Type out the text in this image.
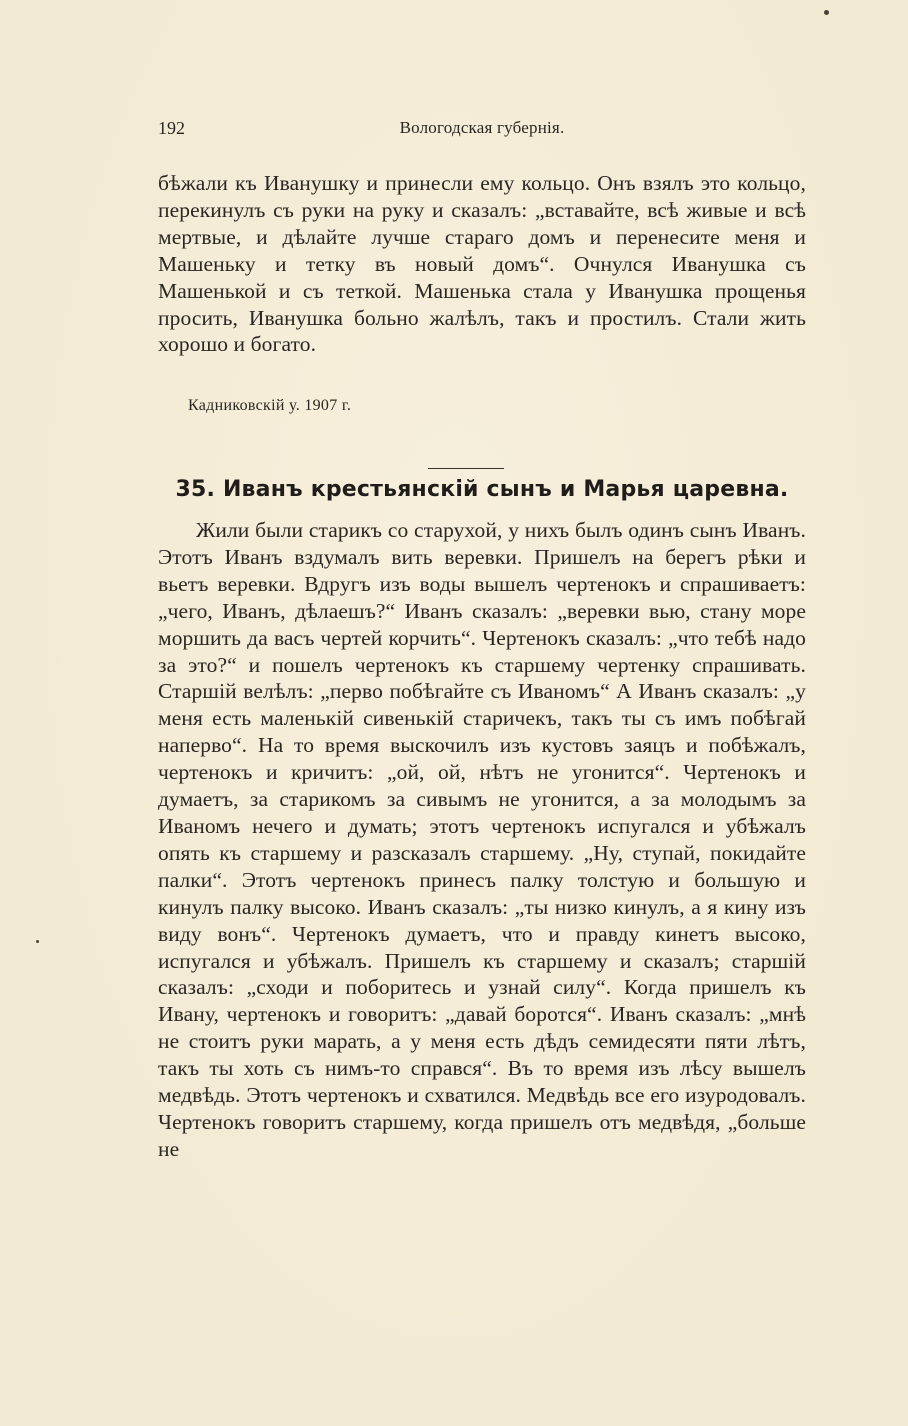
192	Вологодская губернія.

бѣжали къ Иванушку и принесли ему кольцо. Онъ взялъ это кольцо, перекинулъ съ руки на руку и сказалъ: „вставайте, всѣ живые и всѣ мертвые, и дѣлайте лучше стараго домъ и перенесите меня и Машеньку и тетку въ новый домъ“. Очнулся Иванушка съ Машенькой и съ теткой. Машенька стала у Иванушка прощенья просить, Иванушка больно жалѣлъ, такъ и простилъ. Стали жить хорошо и богато.

Кадниковскій у. 1907 г.
35. Иванъ крестьянскій сынъ и Марья царевна.

Жили были старикъ со старухой, у нихъ былъ одинъ сынъ Иванъ. Этотъ Иванъ вздумалъ вить веревки. Пришелъ на берегъ рѣки и вьетъ веревки. Вдругъ изъ воды вышелъ чертенокъ и спрашиваетъ: „чего, Иванъ, дѣлаешъ?“ Иванъ сказалъ: „веревки вью, стану море моршить да васъ чертей корчить“. Чертенокъ сказалъ: „что тебѣ надо за это?“ и пошелъ чертенокъ къ старшему чертенку спрашивать. Старшій велѣлъ: „перво побѣгайте съ Иваномъ“ А Иванъ сказалъ: „у меня есть маленькій сивенькій старичекъ, такъ ты съ имъ побѣгай наперво“. На то время выскочилъ изъ кустовъ заяцъ и побѣжалъ, чертенокъ и кричитъ: „ой, ой, нѣтъ не угонится“. Чертенокъ и думаетъ, за старикомъ за сивымъ не угонится, а за молодымъ за Иваномъ нечего и думать; этотъ чертенокъ испугался и убѣжалъ опять къ старшему и разсказалъ старшему. „Ну, ступай, покидайте палки“. Этотъ чертенокъ принесъ палку толстую и большую и кинулъ палку высоко. Иванъ сказалъ: „ты низко кинулъ, а я кину изъ виду вонъ“. Чертенокъ думаетъ, что и правду кинетъ высоко, испугался и убѣжалъ. Пришелъ къ старшему и сказалъ; старшій сказалъ: „сходи и поборитесь и узнай силу“. Когда пришелъ къ Ивану, чертенокъ и говоритъ: „давай боротся“. Иванъ сказалъ: „мнѣ не стоитъ руки марать, а у меня есть дѣдъ семидесяти пяти лѣтъ, такъ ты хоть съ нимъ-то справся“. Въ то время изъ лѣсу вышелъ медвѣдь. Этотъ чертенокъ и схватился. Медвѣдь все его изуродовалъ. Чертенокъ говоритъ старшему, когда пришелъ отъ медвѣдя, „больше не
